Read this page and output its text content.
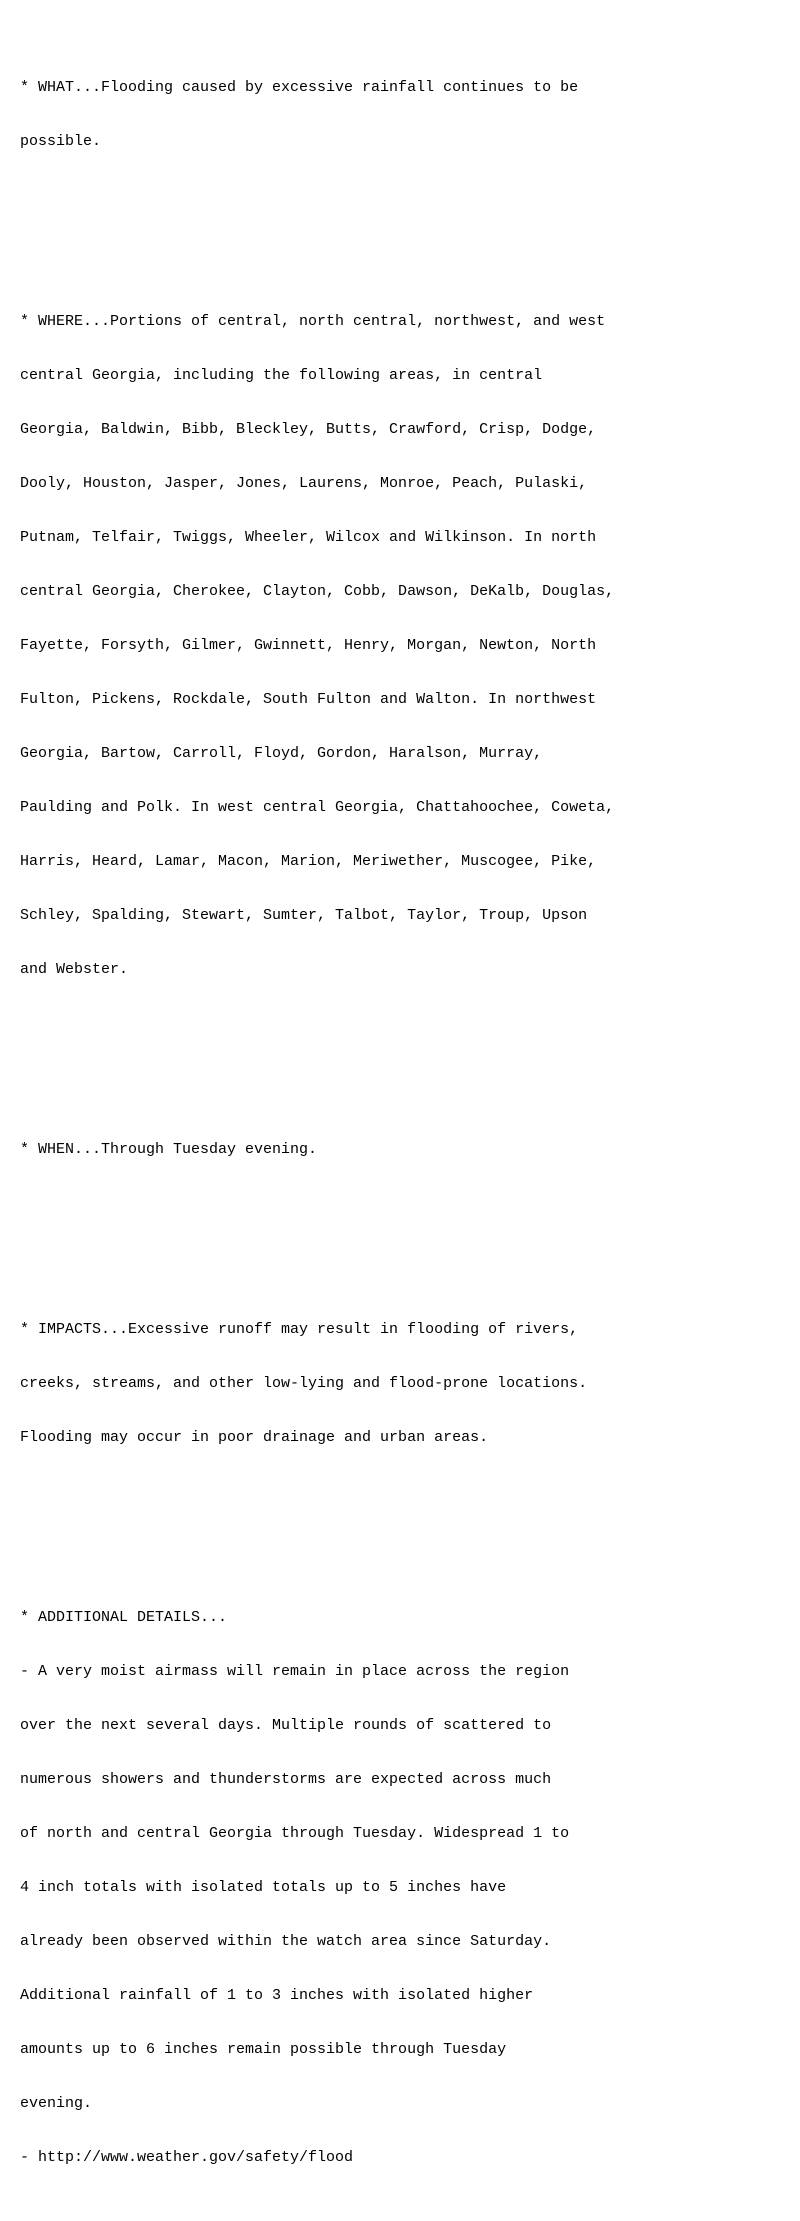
* WHAT...Flooding caused by excessive rainfall continues to be

possible.

* WHERE...Portions of central, north central, northwest, and west

central Georgia, including the following areas, in central

Georgia, Baldwin, Bibb, Bleckley, Butts, Crawford, Crisp, Dodge,

Dooly, Houston, Jasper, Jones, Laurens, Monroe, Peach, Pulaski,

Putnam, Telfair, Twiggs, Wheeler, Wilcox and Wilkinson. In north

central Georgia, Cherokee, Clayton, Cobb, Dawson, DeKalb, Douglas,

Fayette, Forsyth, Gilmer, Gwinnett, Henry, Morgan, Newton, North

Fulton, Pickens, Rockdale, South Fulton and Walton. In northwest

Georgia, Bartow, Carroll, Floyd, Gordon, Haralson, Murray,

Paulding and Polk. In west central Georgia, Chattahoochee, Coweta,

Harris, Heard, Lamar, Macon, Marion, Meriwether, Muscogee, Pike,

Schley, Spalding, Stewart, Sumter, Talbot, Taylor, Troup, Upson

and Webster.

* WHEN...Through Tuesday evening.

* IMPACTS...Excessive runoff may result in flooding of rivers,

creeks, streams, and other low-lying and flood-prone locations.

Flooding may occur in poor drainage and urban areas.

* ADDITIONAL DETAILS...

- A very moist airmass will remain in place across the region

over the next several days. Multiple rounds of scattered to

numerous showers and thunderstorms are expected across much

of north and central Georgia through Tuesday. Widespread 1 to

4 inch totals with isolated totals up to 5 inches have

already been observed within the watch area since Saturday.

Additional rainfall of 1 to 3 inches with isolated higher

amounts up to 6 inches remain possible through Tuesday

evening.

- http://www.weather.gov/safety/flood
